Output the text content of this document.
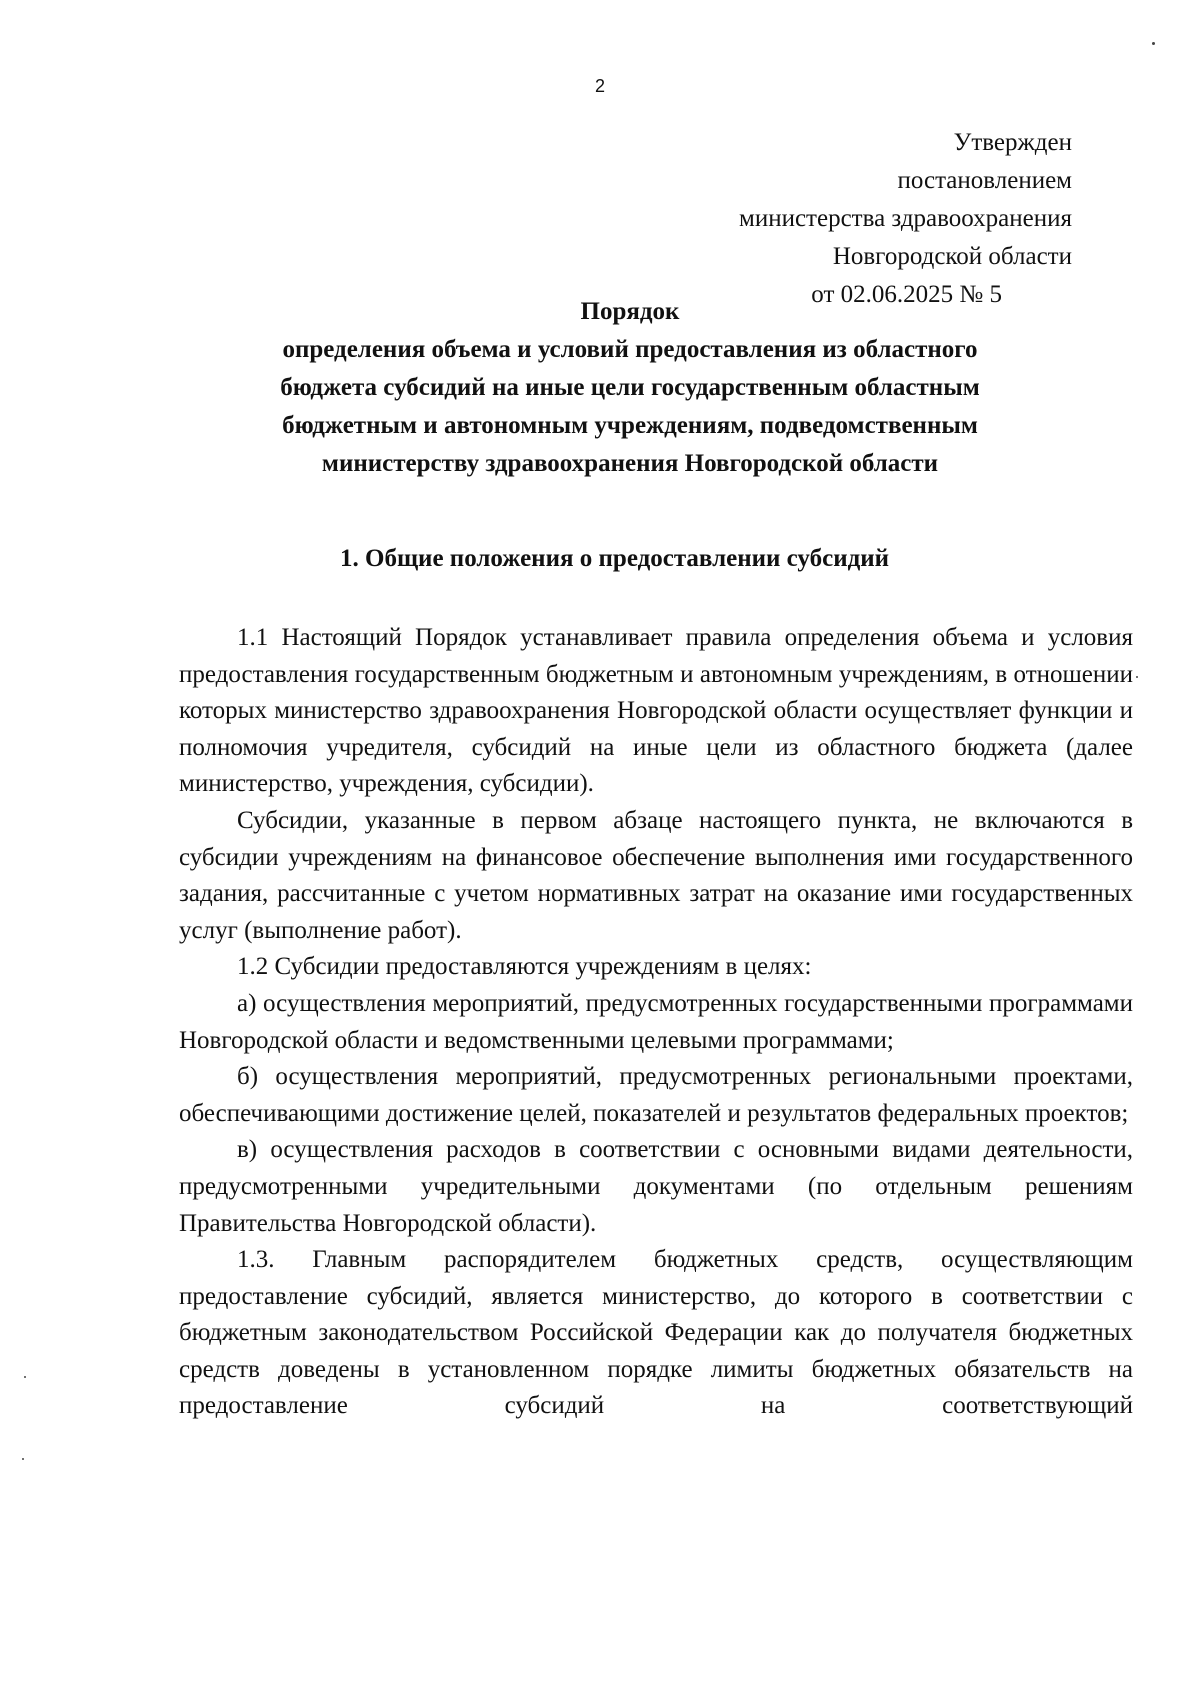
2
Утвержден
постановлением
министерства здравоохранения
Новгородской области
от 02.06.2025 № 5
Порядок
определения объема и условий предоставления из областного
бюджета субсидий на иные цели государственным областным
бюджетным и автономным учреждениям, подведомственным
министерству здравоохранения Новгородской области
1. Общие положения о предоставлении субсидий

1.1 Настоящий Порядок устанавливает правила определения объема и условия предоставления государственным бюджетным и автономным учреждениям, в отношении которых министерство здравоохранения Новгородской области осуществляет функции и полномочия учредителя, субсидий на иные цели из областного бюджета (далее министерство, учреждения, субсидии).

Субсидии, указанные в первом абзаце настоящего пункта, не включаются в субсидии учреждениям на финансовое обеспечение выполнения ими государственного задания, рассчитанные с учетом нормативных затрат на оказание ими государственных услуг (выполнение работ).

1.2 Субсидии предоставляются учреждениям в целях:

а) осуществления мероприятий, предусмотренных государственными программами Новгородской области и ведомственными целевыми программами;

б) осуществления мероприятий, предусмотренных региональными проектами, обеспечивающими достижение целей, показателей и результатов федеральных проектов;

в) осуществления расходов в соответствии с основными видами деятельности, предусмотренными учредительными документами (по отдельным решениям Правительства Новгородской области).

1.3. Главным распорядителем бюджетных средств, осуществляющим предоставление субсидий, является министерство, до которого в соответствии с бюджетным законодательством Российской Федерации как до получателя бюджетных средств доведены в установленном порядке лимиты бюджетных обязательств на предоставление субсидий на соответствующий
